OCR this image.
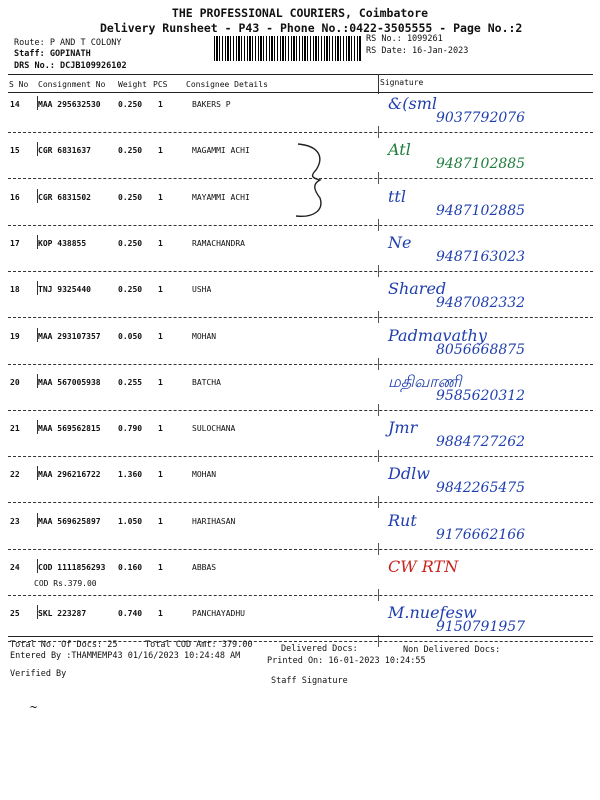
THE PROFESSIONAL COURIERS, Coimbatore
Delivery Runsheet - P43 - Phone No.:0422-3505555 - Page No.:2
Route: P AND T COLONY
Staff: GOPINATH
DRS No.: DCJB109926102
RS No.: 1099261
RS Date: 16-Jan-2023
S No Consignment No Weight PCS Consignee Details	Signature
14 MAA 295632530 0.250 1	BAKERS P	&(sml
9037792076
15 CGR 6831637	0.250 1	MAGAMMI ACHI	Atl
9487102885
16 CGR 6831502	0.250 1	MAYAMMI ACHI	ttl
9487102885
17 KOP 438855	0.250 1	RAMACHANDRA	Ne
9487163023
18 TNJ 9325440	0.250 1	USHA	Shared
9487082332
19 MAA 293107357 0.050 1	MOHAN	Padmavathy
8056668875
20 MAA 567005938 0.255 1	BATCHA	மதிவாணி
9585620312
21 MAA 569562815 0.790 1	SULOCHANA	Jmr
9884727262
22 MAA 296216722 1.360 1	MOHAN	Ddlw
9842265475
23 MAA 569625897 1.050 1	HARIHASAN	Rut
9176662166
24 COD 1111856293 0.160 1	ABBAS
COD Rs.379.00
CW RTN
25 SKL 223287	0.740 1	PANCHAYADHU	M.nuefesw
9150791957
Total No. Of Docs: 25	Total COD Amt: 379.00	Delivered Docs:	Non Delivered Docs:
Entered By :THAMMEMP43 01/16/2023 10:24:48 AM	Printed On: 16-01-2023 10:24:55
Verified By
Staff Signature
~
